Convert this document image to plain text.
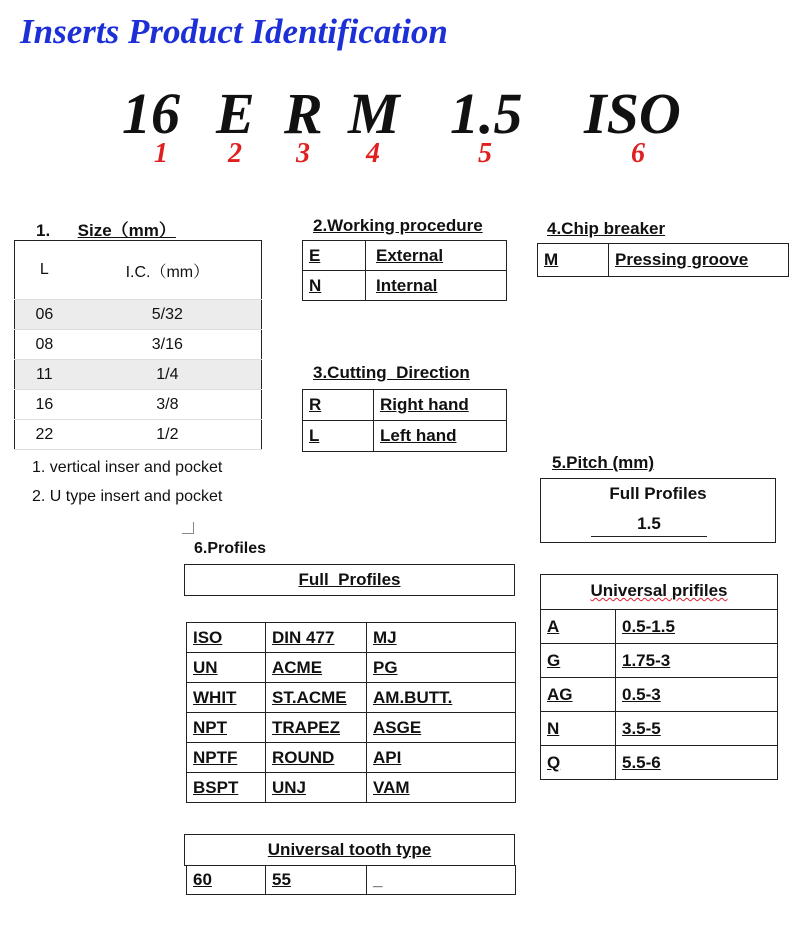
Inserts Product Identification
16 E R M 1.5 ISO
1 2 3 4	5	6
1. Size（mm）
L	I.C.（mm）
06	5/32
08	3/16
11	1/4
16	3/8
22	1/2
1. vertical inser and pocket
2. U type insert and pocket
2.Working procedure
E	External
N	Internal
3.Cutting  Direction
R	Right hand
L	Left hand
4.Chip breaker
M	Pressing groove
5.Pitch (mm)
Full Profiles
1.5
Universal prifiles
A	0.5-1.5
G	1.75-3
AG	0.5-3
N	3.5-5
Q	5.5-6
6.Profiles
Full  Profiles
ISO	DIN 477	MJ
UN	ACME	PG
WHIT	ST.ACME	AM.BUTT.
NPT	TRAPEZ	ASGE
NPTF	ROUND	API
BSPT	UNJ	VAM
Universal tooth type
60	55	_
